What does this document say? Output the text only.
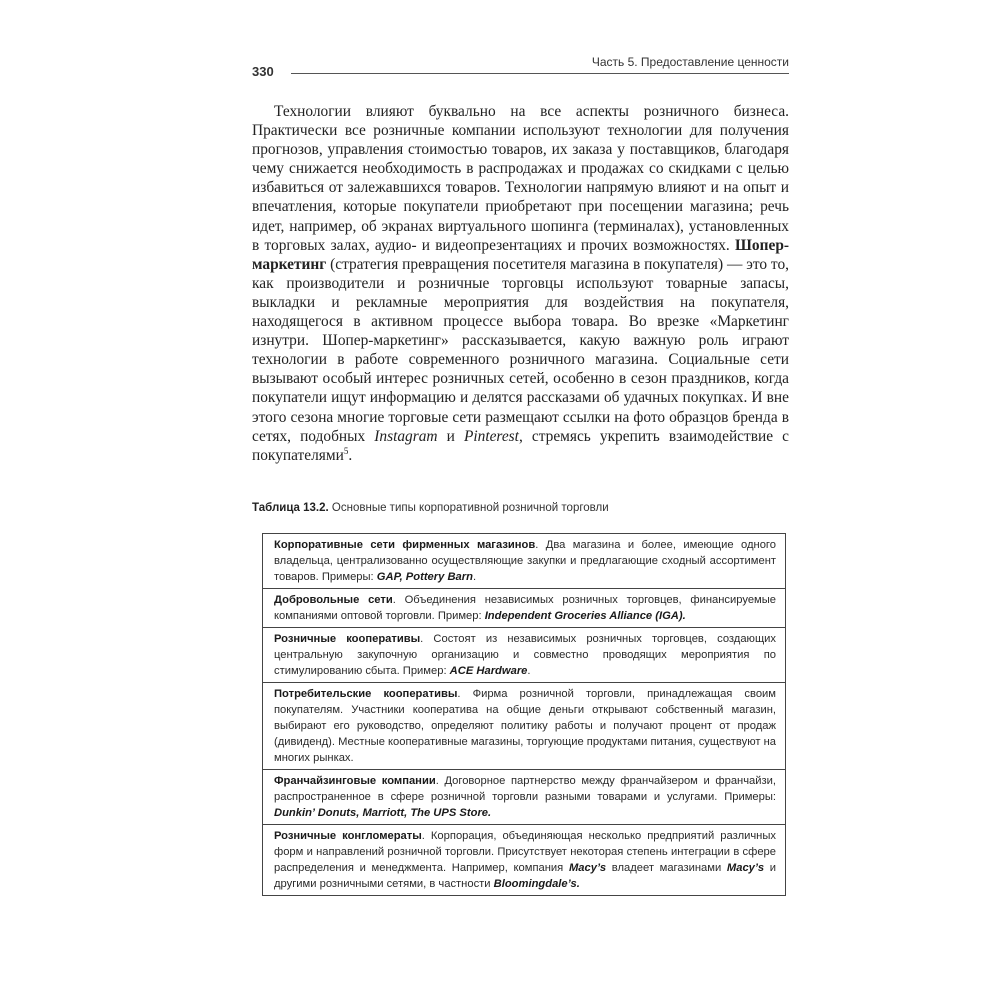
330
Часть 5. Предоставление ценности

Технологии влияют буквально на все аспекты розничного бизнеса. Практически все розничные компании используют технологии для получения прогнозов, управления стоимостью товаров, их заказа у поставщиков, благодаря чему снижается необходимость в распродажах и продажах со скидками с целью избавиться от залежавшихся товаров. Технологии напрямую влияют и на опыт и впечатления, которые покупатели приобретают при посещении магазина; речь идет, например, об экранах виртуального шопинга (терминалах), установленных в торговых залах, аудио- и видеопрезентациях и прочих возможностях. Шопер-маркетинг (стратегия превращения посетителя магазина в покупателя) — это то, как производители и розничные торговцы используют товарные запасы, выкладки и рекламные мероприятия для воздействия на покупателя, находящегося в активном процессе выбора товара. Во врезке «Маркетинг изнутри. Шопер-маркетинг» рассказывается, какую важную роль играют технологии в работе современного розничного магазина. Социальные сети вызывают особый интерес розничных сетей, особенно в сезон праздников, когда покупатели ищут информацию и делятся рассказами об удачных покупках. И вне этого сезона многие торговые сети размещают ссылки на фото образцов бренда в сетях, подобных Instagram и Pinterest, стремясь укрепить взаимодействие с покупателями$^5$.

Таблица 13.2. Основные типы корпоративной розничной торговли
Корпоративные сети фирменных магазинов. Два магазина и более, имеющие одного владельца, централизованно осуществляющие закупки и предлагающие сходный ассортимент товаров. Примеры: GAP, Pottery Barn.
Добровольные сети. Объединения независимых розничных торговцев, финансируемые компаниями оптовой торговли. Пример: Independent Groceries Alliance (IGA).
Розничные кооперативы. Состоят из независимых розничных торговцев, создающих центральную закупочную организацию и совместно проводящих мероприятия по стимулированию сбыта. Пример: ACE Hardware.
Потребительские кооперативы. Фирма розничной торговли, принадлежащая своим покупателям. Участники кооператива на общие деньги открывают собственный магазин, выбирают его руководство, определяют политику работы и получают процент от продаж (дивиденд). Местные кооперативные магазины, торгующие продуктами питания, существуют на многих рынках.
Франчайзинговые компании. Договорное партнерство между франчайзером и франчайзи, распространенное в сфере розничной торговли разными товарами и услугами. Примеры: Dunkin’ Donuts, Marriott, The UPS Store.
Розничные конгломераты. Корпорация, объединяющая несколько предприятий различных форм и направлений розничной торговли. Присутствует некоторая степень интеграции в сфере распределения и менеджмента. Например, компания Macy’s владеет магазинами Macy’s и другими розничными сетями, в частности Bloomingdale’s.
